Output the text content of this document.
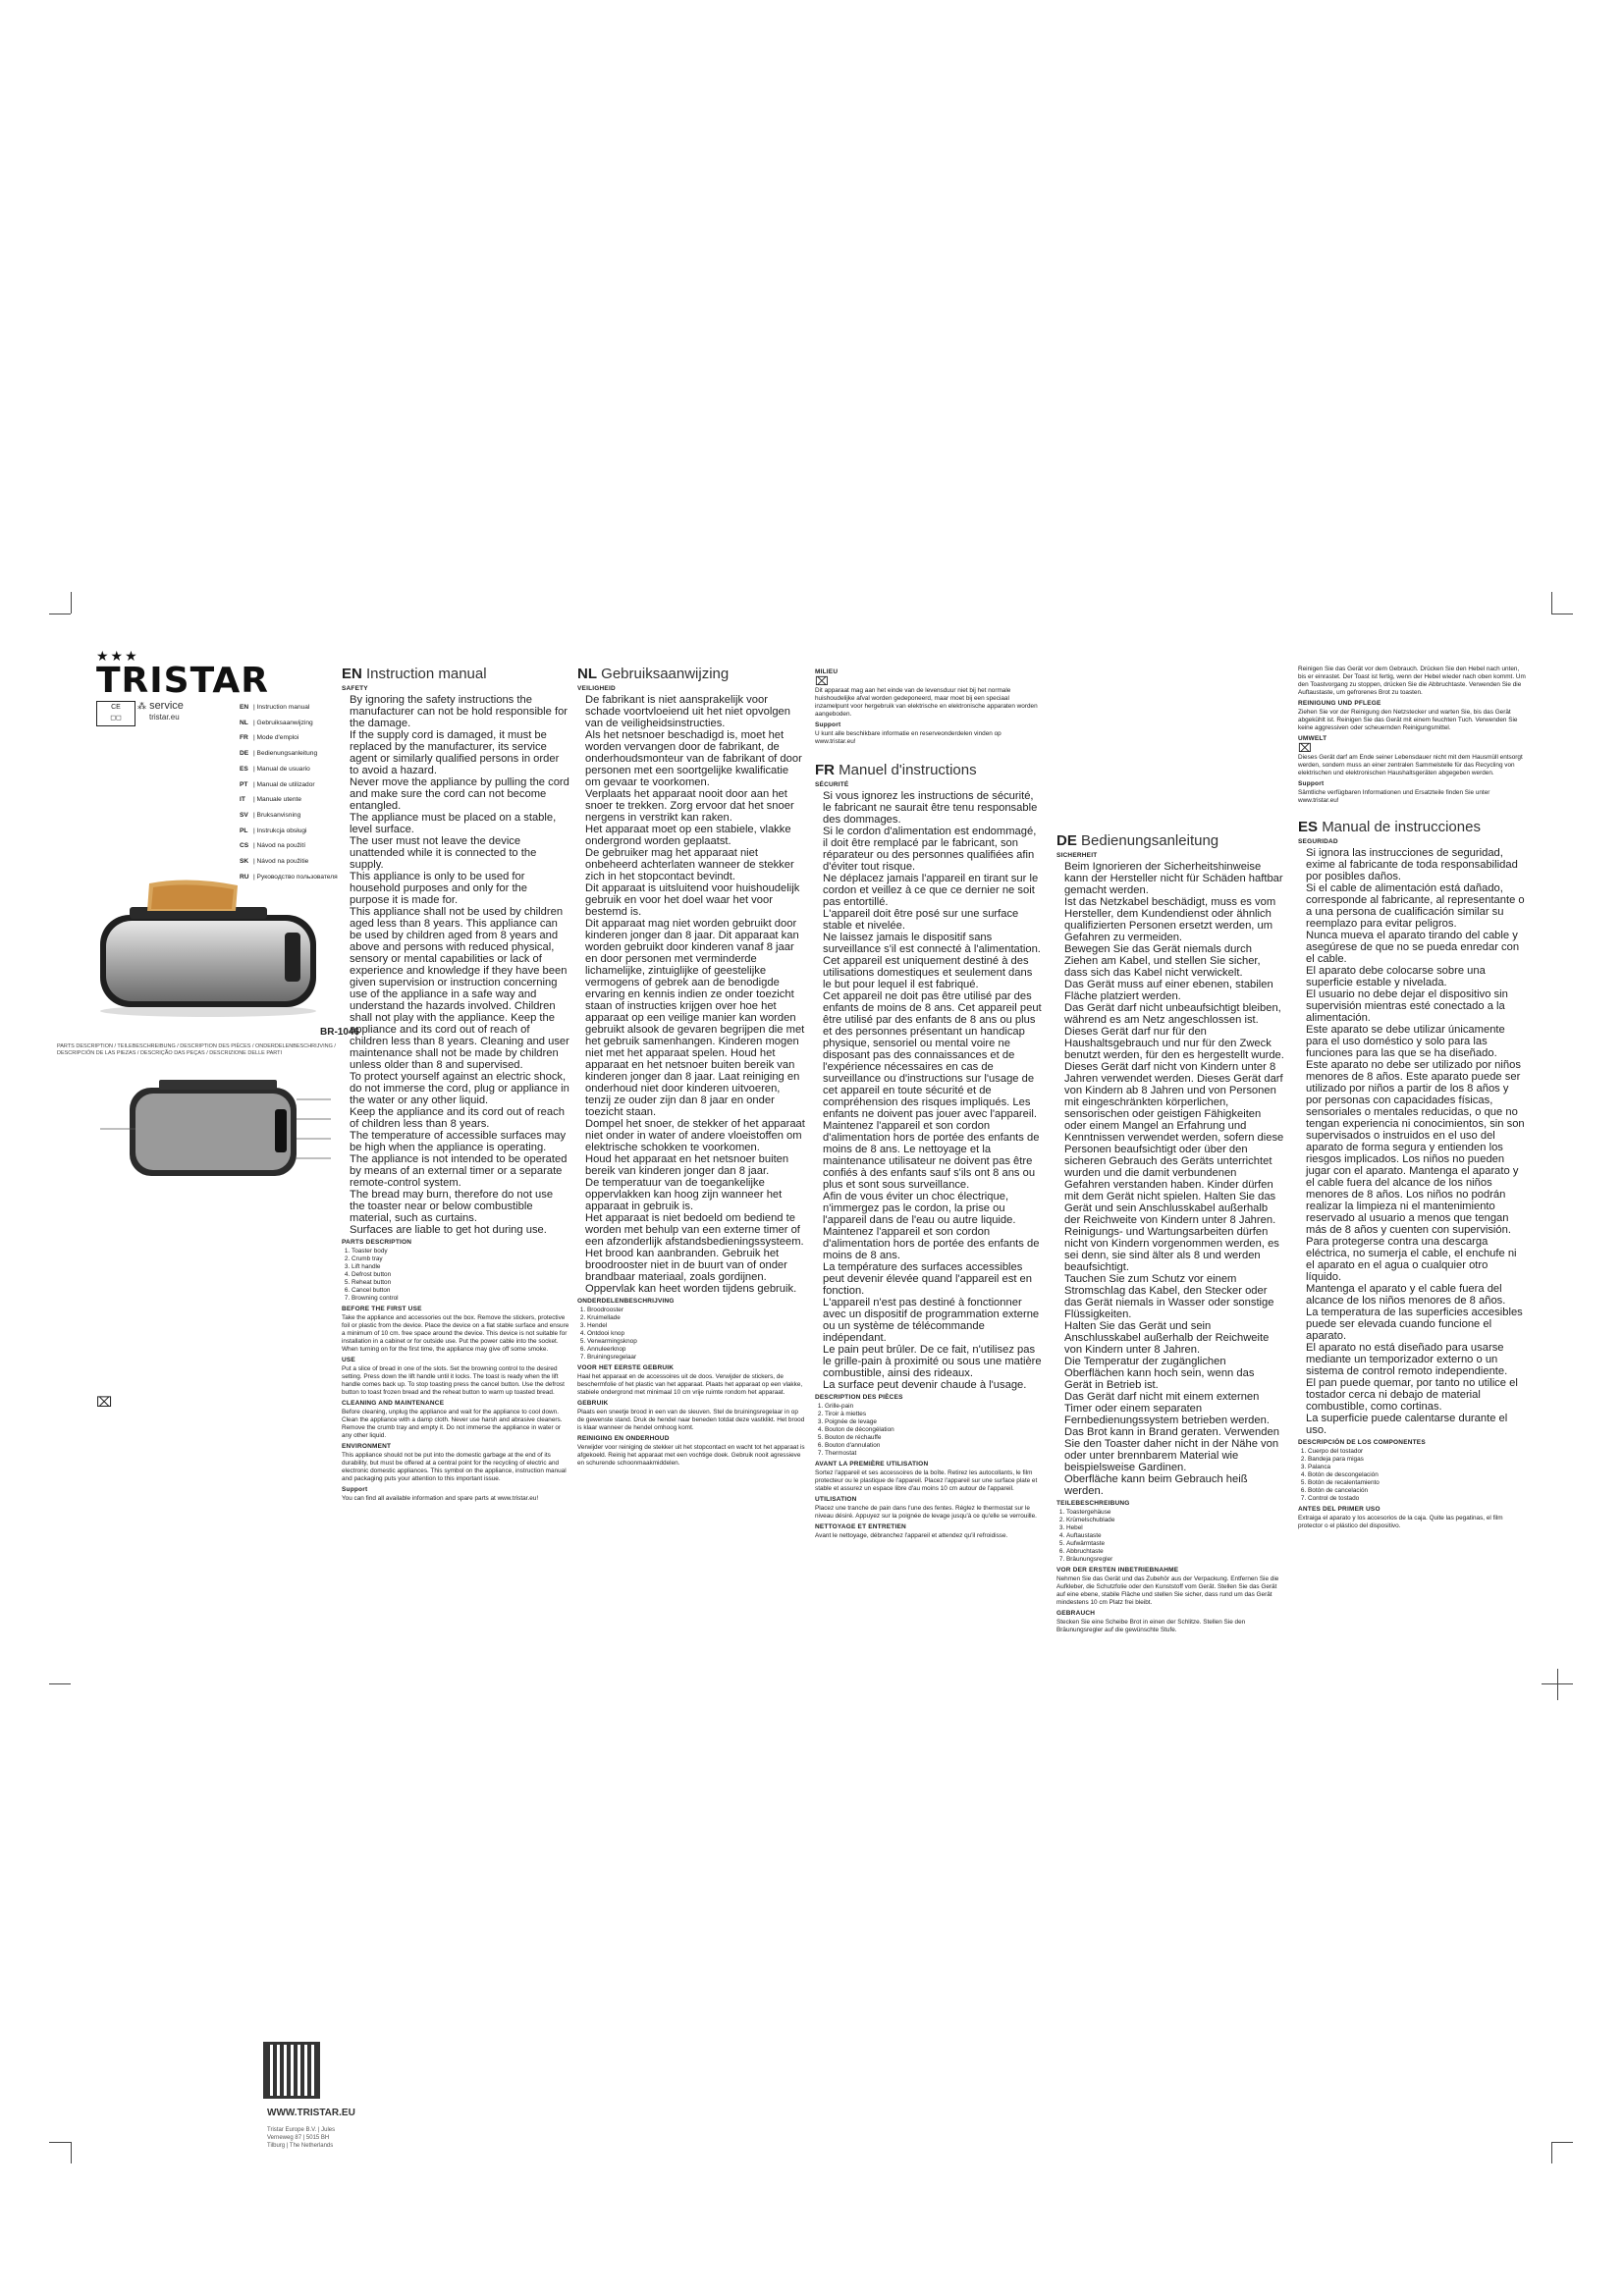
★★★
TRISTAR
CE
◻◻
⁂ service
tristar.eu
EN | Instruction manual
NL | Gebruiksaanwijzing
FR | Mode d'emploi
DE | Bedienungsanleitung
ES | Manual de usuario
PT | Manual de utilizador
IT | Manuale utente
SV | Bruksanvisning
PL | Instrukcja obsługi
CS | Návod na použití
SK | Návod na použitie
RU | Руководство пользователя
BR-1046
PARTS DESCRIPTION / TEILEBESCHREIBUNG / DESCRIPTION DES PIÈCES / ONDERDELENBESCHRIJVING / DESCRIPCIÓN DE LAS PIEZAS / DESCRIÇÃO DAS PEÇAS / DESCRIZIONE DELLE PARTI
⌧
WWW.TRISTAR.EU
Tristar Europe B.V. | Jules Verneweg 87 | 5015 BH Tilburg | The Netherlands
EN Instruction manual
SAFETY
• By ignoring the safety instructions the manufacturer can not be hold responsible for the damage.
• If the supply cord is damaged, it must be replaced by the manufacturer, its service agent or similarly qualified persons in order to avoid a hazard.
• Never move the appliance by pulling the cord and make sure the cord can not become entangled.
• The appliance must be placed on a stable, level surface.
• The user must not leave the device unattended while it is connected to the supply.
• This appliance is only to be used for household purposes and only for the purpose it is made for.
• This appliance shall not be used by children aged less than 8 years. This appliance can be used by children aged from 8 years and above and persons with reduced physical, sensory or mental capabilities or lack of experience and knowledge if they have been given supervision or instruction concerning use of the appliance in a safe way and understand the hazards involved. Children shall not play with the appliance. Keep the appliance and its cord out of reach of children less than 8 years. Cleaning and user maintenance shall not be made by children unless older than 8 and supervised.
• To protect yourself against an electric shock, do not immerse the cord, plug or appliance in the water or any other liquid.
• Keep the appliance and its cord out of reach of children less than 8 years.
• The temperature of accessible surfaces may be high when the appliance is operating.
• The appliance is not intended to be operated by means of an external timer or a separate remote-control system.
• The bread may burn, therefore do not use the toaster near or below combustible material, such as curtains.
• Surfaces are liable to get hot during use.
PARTS DESCRIPTION
1. Toaster body
2. Crumb tray
3. Lift handle
4. Defrost button
5. Reheat button
6. Cancel button
7. Browning control
BEFORE THE FIRST USE

Take the appliance and accessories out the box. Remove the stickers, protective foil or plastic from the device. Place the device on a flat stable surface and ensure a minimum of 10 cm. free space around the device. This device is not suitable for installation in a cabinet or for outside use. Put the power cable into the socket. When turning on for the first time, the appliance may give off some smoke.

USE

Put a slice of bread in one of the slots. Set the browning control to the desired setting. Press down the lift handle until it locks. The toast is ready when the lift handle comes back up. To stop toasting press the cancel button. Use the defrost button to toast frozen bread and the reheat button to warm up toasted bread.

CLEANING AND MAINTENANCE

Before cleaning, unplug the appliance and wait for the appliance to cool down. Clean the appliance with a damp cloth. Never use harsh and abrasive cleaners. Remove the crumb tray and empty it. Do not immerse the appliance in water or any other liquid.

ENVIRONMENT

This appliance should not be put into the domestic garbage at the end of its durability, but must be offered at a central point for the recycling of electric and electronic domestic appliances. This symbol on the appliance, instruction manual and packaging puts your attention to this important issue.

Support

You can find all available information and spare parts at www.tristar.eu!

NL Gebruiksaanwijzing
VEILIGHEID
• De fabrikant is niet aansprakelijk voor schade voortvloeiend uit het niet opvolgen van de veiligheidsinstructies.
• Als het netsnoer beschadigd is, moet het worden vervangen door de fabrikant, de onderhoudsmonteur van de fabrikant of door personen met een soortgelijke kwalificatie om gevaar te voorkomen.
• Verplaats het apparaat nooit door aan het snoer te trekken. Zorg ervoor dat het snoer nergens in verstrikt kan raken.
• Het apparaat moet op een stabiele, vlakke ondergrond worden geplaatst.
• De gebruiker mag het apparaat niet onbeheerd achterlaten wanneer de stekker zich in het stopcontact bevindt.
• Dit apparaat is uitsluitend voor huishoudelijk gebruik en voor het doel waar het voor bestemd is.
• Dit apparaat mag niet worden gebruikt door kinderen jonger dan 8 jaar. Dit apparaat kan worden gebruikt door kinderen vanaf 8 jaar en door personen met verminderde lichamelijke, zintuiglijke of geestelijke vermogens of gebrek aan de benodigde ervaring en kennis indien ze onder toezicht staan of instructies krijgen over hoe het apparaat op een veilige manier kan worden gebruikt alsook de gevaren begrijpen die met het gebruik samenhangen. Kinderen mogen niet met het apparaat spelen. Houd het apparaat en het netsnoer buiten bereik van kinderen jonger dan 8 jaar. Laat reiniging en onderhoud niet door kinderen uitvoeren, tenzij ze ouder zijn dan 8 jaar en onder toezicht staan.
• Dompel het snoer, de stekker of het apparaat niet onder in water of andere vloeistoffen om elektrische schokken te voorkomen.
• Houd het apparaat en het netsnoer buiten bereik van kinderen jonger dan 8 jaar.
• De temperatuur van de toegankelijke oppervlakken kan hoog zijn wanneer het apparaat in gebruik is.
• Het apparaat is niet bedoeld om bediend te worden met behulp van een externe timer of een afzonderlijk afstandsbedieningssysteem.
• Het brood kan aanbranden. Gebruik het broodrooster niet in de buurt van of onder brandbaar materiaal, zoals gordijnen.
• Oppervlak kan heet worden tijdens gebruik.
ONDERDELENBESCHRIJVING
1. Broodrooster
2. Kruimellade
3. Hendel
4. Ontdooi knop
5. Verwarmingsknop
6. Annuleerknop
7. Bruiningsregelaar
VOOR HET EERSTE GEBRUIK

Haal het apparaat en de accessoires uit de doos. Verwijder de stickers, de beschermfolie of het plastic van het apparaat. Plaats het apparaat op een vlakke, stabiele ondergrond met minimaal 10 cm vrije ruimte rondom het apparaat.

GEBRUIK

Plaats een sneetje brood in een van de sleuven. Stel de bruiningsregelaar in op de gewenste stand. Druk de hendel naar beneden totdat deze vastklikt. Het brood is klaar wanneer de hendel omhoog komt.

REINIGING EN ONDERHOUD

Verwijder voor reiniging de stekker uit het stopcontact en wacht tot het apparaat is afgekoeld. Reinig het apparaat met een vochtige doek. Gebruik nooit agressieve en schurende schoonmaakmiddelen.

MILIEU
⌧

Dit apparaat mag aan het einde van de levensduur niet bij het normale huishoudelijke afval worden gedeponeerd, maar moet bij een speciaal inzamelpunt voor hergebruik van elektrische en elektronische apparaten worden aangeboden.

Support

U kunt alle beschikbare informatie en reserveonderdelen vinden op www.tristar.eu!

FR Manuel d'instructions
SÉCURITÉ
• Si vous ignorez les instructions de sécurité, le fabricant ne saurait être tenu responsable des dommages.
• Si le cordon d'alimentation est endommagé, il doit être remplacé par le fabricant, son réparateur ou des personnes qualifiées afin d'éviter tout risque.
• Ne déplacez jamais l'appareil en tirant sur le cordon et veillez à ce que ce dernier ne soit pas entortillé.
• L'appareil doit être posé sur une surface stable et nivelée.
• Ne laissez jamais le dispositif sans surveillance s'il est connecté à l'alimentation.
• Cet appareil est uniquement destiné à des utilisations domestiques et seulement dans le but pour lequel il est fabriqué.
• Cet appareil ne doit pas être utilisé par des enfants de moins de 8 ans. Cet appareil peut être utilisé par des enfants de 8 ans ou plus et des personnes présentant un handicap physique, sensoriel ou mental voire ne disposant pas des connaissances et de l'expérience nécessaires en cas de surveillance ou d'instructions sur l'usage de cet appareil en toute sécurité et de compréhension des risques impliqués. Les enfants ne doivent pas jouer avec l'appareil. Maintenez l'appareil et son cordon d'alimentation hors de portée des enfants de moins de 8 ans. Le nettoyage et la maintenance utilisateur ne doivent pas être confiés à des enfants sauf s'ils ont 8 ans ou plus et sont sous surveillance.
• Afin de vous éviter un choc électrique, n'immergez pas le cordon, la prise ou l'appareil dans de l'eau ou autre liquide.
• Maintenez l'appareil et son cordon d'alimentation hors de portée des enfants de moins de 8 ans.
• La température des surfaces accessibles peut devenir élevée quand l'appareil est en fonction.
• L'appareil n'est pas destiné à fonctionner avec un dispositif de programmation externe ou un système de télécommande indépendant.
• Le pain peut brûler. De ce fait, n'utilisez pas le grille-pain à proximité ou sous une matière combustible, ainsi des rideaux.
• La surface peut devenir chaude à l'usage.
DESCRIPTION DES PIÈCES
1. Grille-pain
2. Tiroir à miettes
3. Poignée de levage
4. Bouton de décongélation
5. Bouton de réchauffe
6. Bouton d'annulation
7. Thermostat
AVANT LA PREMIÈRE UTILISATION

Sortez l'appareil et ses accessoires de la boîte. Retirez les autocollants, le film protecteur ou le plastique de l'appareil. Placez l'appareil sur une surface plate et stable et assurez un espace libre d'au moins 10 cm autour de l'appareil.

UTILISATION

Placez une tranche de pain dans l'une des fentes. Réglez le thermostat sur le niveau désiré. Appuyez sur la poignée de levage jusqu'à ce qu'elle se verrouille.

NETTOYAGE ET ENTRETIEN

Avant le nettoyage, débranchez l'appareil et attendez qu'il refroidisse.

DE Bedienungsanleitung
SICHERHEIT
• Beim Ignorieren der Sicherheitshinweise kann der Hersteller nicht für Schäden haftbar gemacht werden.
• Ist das Netzkabel beschädigt, muss es vom Hersteller, dem Kundendienst oder ähnlich qualifizierten Personen ersetzt werden, um Gefahren zu vermeiden.
• Bewegen Sie das Gerät niemals durch Ziehen am Kabel, und stellen Sie sicher, dass sich das Kabel nicht verwickelt.
• Das Gerät muss auf einer ebenen, stabilen Fläche platziert werden.
• Das Gerät darf nicht unbeaufsichtigt bleiben, während es am Netz angeschlossen ist.
• Dieses Gerät darf nur für den Haushaltsgebrauch und nur für den Zweck benutzt werden, für den es hergestellt wurde.
• Dieses Gerät darf nicht von Kindern unter 8 Jahren verwendet werden. Dieses Gerät darf von Kindern ab 8 Jahren und von Personen mit eingeschränkten körperlichen, sensorischen oder geistigen Fähigkeiten oder einem Mangel an Erfahrung und Kenntnissen verwendet werden, sofern diese Personen beaufsichtigt oder über den sicheren Gebrauch des Geräts unterrichtet wurden und die damit verbundenen Gefahren verstanden haben. Kinder dürfen mit dem Gerät nicht spielen. Halten Sie das Gerät und sein Anschlusskabel außerhalb der Reichweite von Kindern unter 8 Jahren. Reinigungs- und Wartungsarbeiten dürfen nicht von Kindern vorgenommen werden, es sei denn, sie sind älter als 8 und werden beaufsichtigt.
• Tauchen Sie zum Schutz vor einem Stromschlag das Kabel, den Stecker oder das Gerät niemals in Wasser oder sonstige Flüssigkeiten.
• Halten Sie das Gerät und sein Anschlusskabel außerhalb der Reichweite von Kindern unter 8 Jahren.
• Die Temperatur der zugänglichen Oberflächen kann hoch sein, wenn das Gerät in Betrieb ist.
• Das Gerät darf nicht mit einem externen Timer oder einem separaten Fernbedienungssystem betrieben werden.
• Das Brot kann in Brand geraten. Verwenden Sie den Toaster daher nicht in der Nähe von oder unter brennbarem Material wie beispielsweise Gardinen.
• Oberfläche kann beim Gebrauch heiß werden.
TEILEBESCHREIBUNG
1. Toastergehäuse
2. Krümelschublade
3. Hebel
4. Auftaustaste
5. Aufwärmtaste
6. Abbruchtaste
7. Bräunungsregler
VOR DER ERSTEN INBETRIEBNAHME

Nehmen Sie das Gerät und das Zubehör aus der Verpackung. Entfernen Sie die Aufkleber, die Schutzfolie oder den Kunststoff vom Gerät. Stellen Sie das Gerät auf eine ebene, stabile Fläche und stellen Sie sicher, dass rund um das Gerät mindestens 10 cm Platz frei bleibt.

GEBRAUCH

Stecken Sie eine Scheibe Brot in einen der Schlitze. Stellen Sie den Bräunungsregler auf die gewünschte Stufe.

Reinigen Sie das Gerät vor dem Gebrauch. Drücken Sie den Hebel nach unten, bis er einrastet. Der Toast ist fertig, wenn der Hebel wieder nach oben kommt. Um den Toastvorgang zu stoppen, drücken Sie die Abbruchtaste. Verwenden Sie die Auftaustaste, um gefrorenes Brot zu toasten.

REINIGUNG UND PFLEGE

Ziehen Sie vor der Reinigung den Netzstecker und warten Sie, bis das Gerät abgekühlt ist. Reinigen Sie das Gerät mit einem feuchten Tuch. Verwenden Sie keine aggressiven oder scheuernden Reinigungsmittel.

UMWELT
⌧

Dieses Gerät darf am Ende seiner Lebensdauer nicht mit dem Hausmüll entsorgt werden, sondern muss an einer zentralen Sammelstelle für das Recycling von elektrischen und elektronischen Haushaltsgeräten abgegeben werden.

Support

Sämtliche verfügbaren Informationen und Ersatzteile finden Sie unter www.tristar.eu!

ES Manual de instrucciones
SEGURIDAD
• Si ignora las instrucciones de seguridad, exime al fabricante de toda responsabilidad por posibles daños.
• Si el cable de alimentación está dañado, corresponde al fabricante, al representante o a una persona de cualificación similar su reemplazo para evitar peligros.
• Nunca mueva el aparato tirando del cable y asegúrese de que no se pueda enredar con el cable.
• El aparato debe colocarse sobre una superficie estable y nivelada.
• El usuario no debe dejar el dispositivo sin supervisión mientras esté conectado a la alimentación.
• Este aparato se debe utilizar únicamente para el uso doméstico y solo para las funciones para las que se ha diseñado.
• Este aparato no debe ser utilizado por niños menores de 8 años. Este aparato puede ser utilizado por niños a partir de los 8 años y por personas con capacidades físicas, sensoriales o mentales reducidas, o que no tengan experiencia ni conocimientos, sin son supervisados o instruidos en el uso del aparato de forma segura y entienden los riesgos implicados. Los niños no pueden jugar con el aparato. Mantenga el aparato y el cable fuera del alcance de los niños menores de 8 años. Los niños no podrán realizar la limpieza ni el mantenimiento reservado al usuario a menos que tengan más de 8 años y cuenten con supervisión.
• Para protegerse contra una descarga eléctrica, no sumerja el cable, el enchufe ni el aparato en el agua o cualquier otro líquido.
• Mantenga el aparato y el cable fuera del alcance de los niños menores de 8 años.
• La temperatura de las superficies accesibles puede ser elevada cuando funcione el aparato.
• El aparato no está diseñado para usarse mediante un temporizador externo o un sistema de control remoto independiente.
• El pan puede quemar, por tanto no utilice el tostador cerca ni debajo de material combustible, como cortinas.
• La superficie puede calentarse durante el uso.
DESCRIPCIÓN DE LOS COMPONENTES
1. Cuerpo del tostador
2. Bandeja para migas
3. Palanca
4. Botón de descongelación
5. Botón de recalentamiento
6. Botón de cancelación
7. Control de tostado
ANTES DEL PRIMER USO

Extraiga el aparato y los accesorios de la caja. Quite las pegatinas, el film protector o el plástico del dispositivo.
